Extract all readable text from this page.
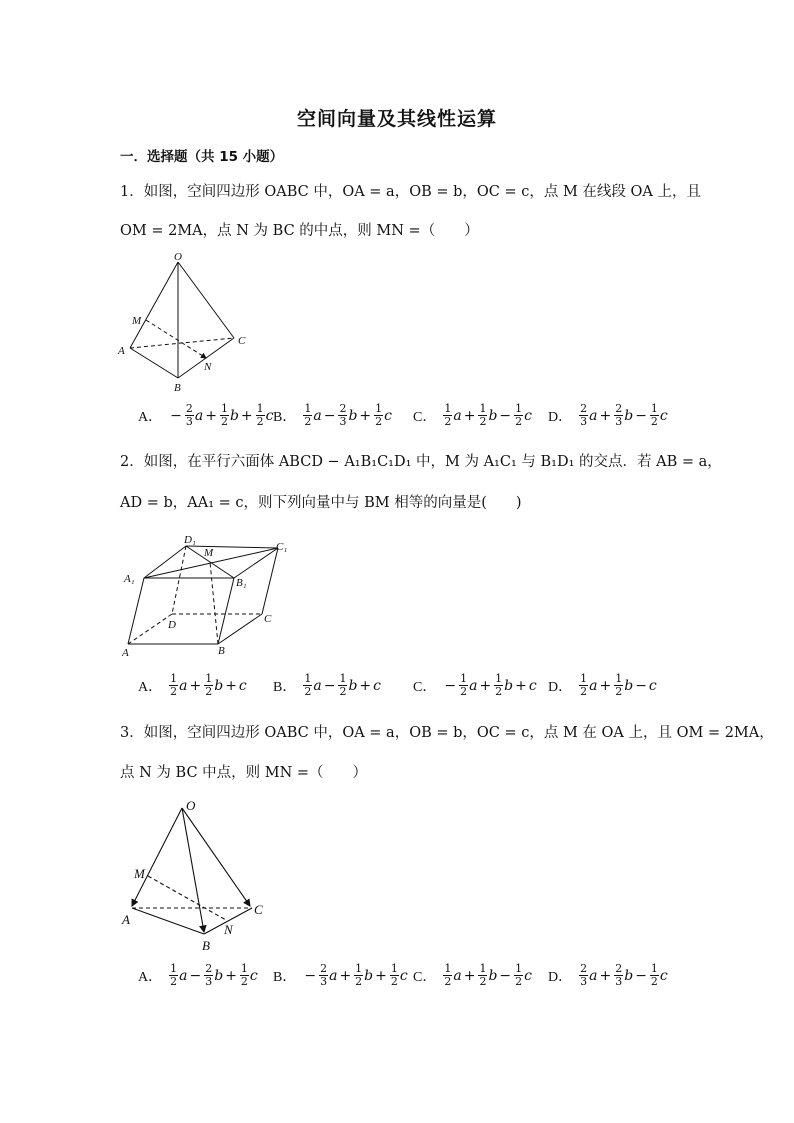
空间向量及其线性运算
一．选择题（共 15 小题）
1．如图，空间四边形 OABC 中，OA = a，OB = b，OC = c，点 M 在线段 OA 上，且
OM = 2MA，点 N 为 BC 的中点，则 MN =（　　）
O
M
A
C
N
B
A． − $\frac{2}{3}$ $a + \frac{1}{2}$ $b + \frac{1}{2}$ c B． $\frac{1}{2}$ $a - \frac{2}{3}$ $b + \frac{1}{2}$ c C． $\frac{1}{2}$ $a + \frac{1}{2}$ $b - \frac{1}{2}$ c D． $\frac{2}{3}$ $a + \frac{2}{3}$ $b - \frac{1}{2}$ c
2．如图，在平行六面体 ABCD − A₁B₁C₁D₁ 中，M 为 A₁C₁ 与 B₁D₁ 的交点．若 AB = a，
AD = b，AA₁ = c，则下列向量中与 BM 相等的向量是(　　)
D₁
M	C₁
A₁	B₁
D	C
A	B
A． $\frac{1}{2}$ $a + \frac{1}{2}$ b + c B． $\frac{1}{2}$ $a - \frac{1}{2}$ b + c C． − $\frac{1}{2}$ $a + \frac{1}{2}$ b + c D． $\frac{1}{2}$ $a + \frac{1}{2}$ b − c
3．如图，空间四边形 OABC 中，OA = a，OB = b，OC = c，点 M 在 OA 上，且 OM = 2MA，
点 N 为 BC 中点，则 MN =（　　）
O
M
A
C
N
B
A． $\frac{1}{2}$ $a - \frac{2}{3}$ $b + \frac{1}{2}$ c B． − $\frac{2}{3}$ $a + \frac{1}{2}$ $b + \frac{1}{2}$ c C． $\frac{1}{2}$ $a + \frac{1}{2}$ $b - \frac{1}{2}$ c D． $\frac{2}{3}$ $a + \frac{2}{3}$ $b - \frac{1}{2}$ c
